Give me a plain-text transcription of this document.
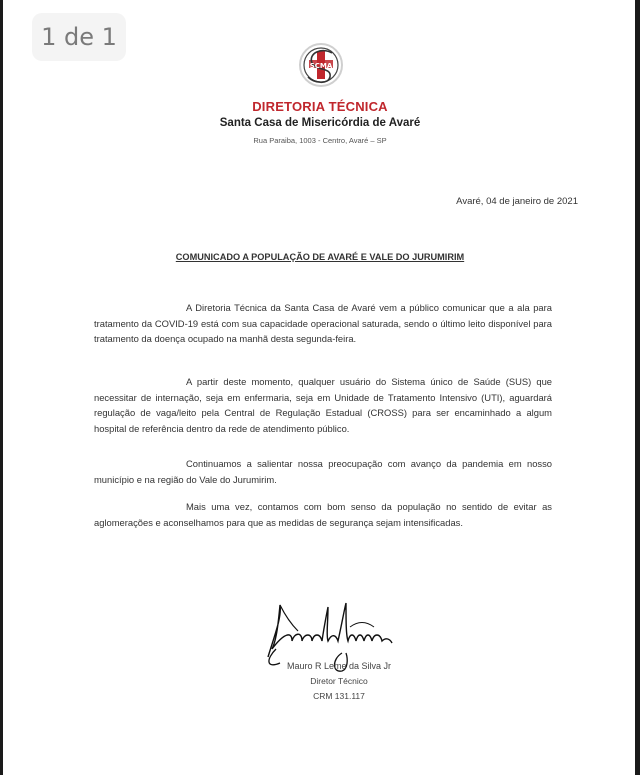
1 de 1
SCMA
DIRETORIA TÉCNICA
Santa Casa de Misericórdia de Avaré
Rua Paraiba, 1003 - Centro, Avaré – SP
Avaré, 04 de janeiro de 2021
COMUNICADO A POPULAÇÃO DE AVARÉ E VALE DO JURUMIRIM

A Diretoria Técnica da Santa Casa de Avaré vem a público comunicar que a ala para tratamento da COVID-19 está com sua capacidade operacional saturada, sendo o último leito disponível para tratamento da doença ocupado na manhã desta segunda-feira.

A partir deste momento, qualquer usuário do Sistema único de Saúde (SUS) que necessitar de internação, seja em enfermaria, seja em Unidade de Tratamento Intensivo (UTI), aguardará regulação de vaga/leito pela Central de Regulação Estadual (CROSS) para ser encaminhado a algum hospital de referência dentro da rede de atendimento público.

Continuamos a salientar nossa preocupação com avanço da pandemia em nosso município e na região do Vale do Jurumirim.

Mais uma vez, contamos com bom senso da população no sentido de evitar as aglomerações e aconselhamos para que as medidas de segurança sejam intensificadas.

Mauro R Leme da Silva Jr
Diretor Técnico
CRM 131.117
